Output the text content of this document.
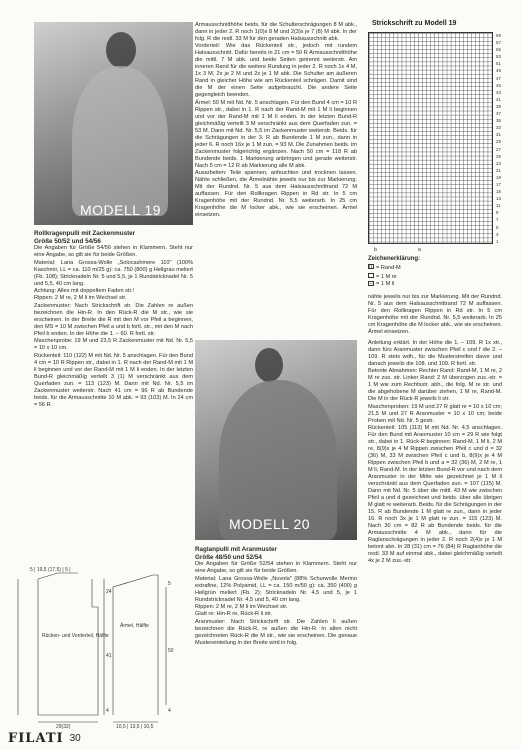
MODELL 19
Rollkragenpulli mit Zackenmuster
Größe 50/52 und 54/56

Die Angaben für Größe 54/56 stehen in Klammern. Steht nur eine Angabe, so gilt sie für beide Größen.

Material: Lana Grossa-Wolle „Solocashmere 110" (100% Kaschmir, LL = ca. 110 m/25 g): ca. 750 (800) g Hellgrau meliert (Fb. 108); Stricknadeln Nr. 5 und 5,5, je 1 Rundstricknadel Nr. 5 und 5,5, 40 cm lang.

Achtung: Alles mit doppeltem Faden str.!

Rippen: 2 M re, 2 M li im Wechsel str.

Zackenmuster: Nach Strickschrift str. Die Zahlen re außen bezeichnen die Hin-R. In den Rück-R die M str., wie sie erscheinen. In der Breite die R mit den M vor Pfeil a beginnen, den MS = 10 M zwischen Pfeil a und b fortl. str., mit den M nach Pfeil b enden. In der Höhe die 1. – 60. R fortl. str.

Maschenprobe: 19 M und 23,5 R Zackenmuster mit Nd. Nr. 5,5 = 10 x 10 cm.

Rückenteil: 110 (122) M mit Nd. Nr. 5 anschlagen. Für den Bund 4 cm = 10 R Rippen str., dabei in 1. R nach der Rand-M mit 1 M li beginnen und vor der Rand-M mit 1 M li enden. In der letzten Bund-R gleichmäßig verteilt 3 (1) M verschränkt aus dem Querfaden zun. = 113 (123) M. Dann mit Nd. Nr. 5,5 im Zackenmuster weiterstr. Nach 41 cm = 96 R ab Bundende beids. für die Armausschnitte 10 M abk. = 93 (103) M. In 24 cm = 56 R

5 | 19,5 (17,5) | 5 |
Rücken- und Vorderteil, Hälfte
Ärmel, Hälfte
24
41
4
5
50
4
29(32)	10,5 | 13,5 | 10,5

Armausschnitthöhe beids. für die Schulterschrägungen 8 M abk., dann in jeder 2. R noch 1(0)x 8 M und 2(3)x je 7 (8) M abk. In der folg. R die restl. 33 M für den geraden Halsausschnitt abk.

Vorderteil: Wie das Rückenteil str., jedoch mit rundem Halsausschnitt. Dafür bereits in 21 cm = 50 R Armausschnitthöhe die mittl. 7 M abk. und beide Seiten getrennt weiterstr. Am inneren Rand für die weitere Rundung in jeder 2. R noch 1x 4 M, 1x 3 M, 2x je 2 M und 2x je 1 M abk. Die Schulter am äußeren Rand in gleicher Höhe wie am Rückenteil schrägen. Damit sind die M der einen Seite aufgebraucht. Die andere Seite gegengleich beenden.

Ärmel: 50 M mit Nd. Nr. 5 anschlagen. Für den Bund 4 cm = 10 R Rippen str., dabei in 1. R nach der Rand-M mit 1 M li beginnen und vor der Rand-M mit 1 M li enden. In der letzten Bund-R gleichmäßig verteilt 3 M verschränkt aus dem Querfaden zun. = 53 M. Dann mit Nd. Nr. 5,5 im Zackenmuster weiterstr. Beids. für die Schrägungen in der 3. R ab Bundende 1 M zun., dann in jeder 6. R noch 16x je 1 M zun. = 93 M. Die Zunahmen beids. im Zackenmuster folgerichtig ergänzen. Nach 50 cm = 118 R ab Bundende beids. 1 Markierung anbringen und gerade weiterstr. Nach 5 cm = 12 R ab Markierung alle M abk.

Ausarbeiten: Teile spannen, anfeuchten und trocknen lassen. Nähte schließen, die Ärmelnähte jeweils nur bis zur Markierung. Mit der Rundnd. Nr. 5 aus dem Halsausschnittrand 72 M auffassen. Für den Rollkragen Rippen in Rd str. In 5 cm Kragenhöhe mit der Rundnd. Nr. 5,5 weiterarb. In 25 cm Kragenhöhe die M locker abk., wie sie erscheinen. Ärmel einsetzen.

MODELL 20
Raglanpulli mit Aranmuster
Größe 48/50 und 52/54

Die Angaben für Größe 52/54 stehen in Klammern. Steht nur eine Angabe, so gilt sie für beide Größen.

Material: Lana Grossa-Wolle „Nuvola" (88% Schurwolle Merino extrafine, 12% Polyamid, LL = ca. 150 m/50 g): ca. 350 (400) g Hellgrün meliert (Fb. 2); Stricknadeln Nr. 4,5 und 5, je 1 Rundstricknadel Nr. 4,5 und 5, 40 cm lang.

Rippen: 2 M re, 2 M li im Wechsel str.

Glatt re: Hin-R re, Rück-R li str.

Aranmuster: Nach Strickschrift str. Die Zahlen li außen bezeichnen die Rück-R, re außen die Hin-R. In allen nicht gezeichneten Rück-R die M str., wie sie erscheinen. Die genaue Mustereinteilung in der Breite wird in folg.

Strickschrift zu Modell 19
59
57
55
53
51
49
47
45
43
41
39
37
35
33
31
29
27
25
23
21
19
17
15
13
11
9
7
5
3
1
b	a
Zeichenerklärung:
= Rand-M
= 1 M re
– = 1 M li

nähte jeweils nur bis zur Markierung. Mit der Rundnd. Nr. 5 aus dem Halsausschnittrand 72 M auffassen. Für den Rollkragen Rippen in Rd str. In 5 cm Kragenhöhe mit der Rundnd. Nr. 5,5 weiterarb. In 25 cm Kragenhöhe die M locker abk., wie sie erscheinen. Ärmel einsetzen.

Anleitung erklärt. In der Höhe die 1. – 109. R 1x str., dann fürs Aranmuster zwischen Pfeil c und f die 2. – 109. R stets wdh., für die Musterstreifen davor und danach jeweils die 108. und 109. R fortl. str.

Betonte Abnahmen: Rechter Rand: Rand-M, 1 M re, 2 M re zus. str. Linker Rand: 2 M überzogen zus.-str. = 1 M wie zum Rechtsstr. abh., die folg. M re str. und die abgehobene M darüber ziehen, 1 M re, Rand-M. Die M in der Rück-R jeweils li str.

Maschenproben: 19 M und 27 R glatt re = 10 x 10 cm; 21,5 M und 27 R Aranmuster = 10 x 10 cm; beide Proben mit Nd. Nr. 5 gestr.

Rückenteil: 105 (113) M mit Nd. Nr. 4,5 anschlagen. Für den Bund mit Aranmuster 10 cm = 29 R wie folgt str., dabei in 1. Rück-R beginnen: Rand-M, 1 M li, 2 M re, 8(9)x je 4 M Rippen zwischen Pfeil c und d = 32 (36) M, 33 M zwischen Pfeil c und b, 8(9)x je 4 M Rippen zwischen Pfeil b und a = 32 (36) M, 2 M re, 1 M li, Rand-M. In der letzten Bund-R vor und nach dem Aranmuster in der Mitte wie gezeichnet je 1 M li verschränkt aus dem Querfaden zun. = 107 (115) M. Dann mit Nd. Nr. 5 über die mittl. 43 M wie zwischen Pfeil a und d gezeichnet und beids. über alle übrigen M glatt re weiterarb. Beids. für die Schrägungen in der 15. R ab Bundende 1 M glatt re zun., dann in jeder 16. R noch 3x je 1 M glatt re zun. = 115 (123) M. Nach 30 cm = 82 R ab Bundende beids. für die Armausschnitte 4 M abk., dann für die Raglanschrägungen in jeder 2. R noch 2(4)x je 1 M betont abn. In 28 (31) cm = 76 (84) R Raglanhöhe die restl. 33 M auf einmal abk., dabei gleichmäßig verteilt 4x je 2 M zus.-str.

FILATI 30
